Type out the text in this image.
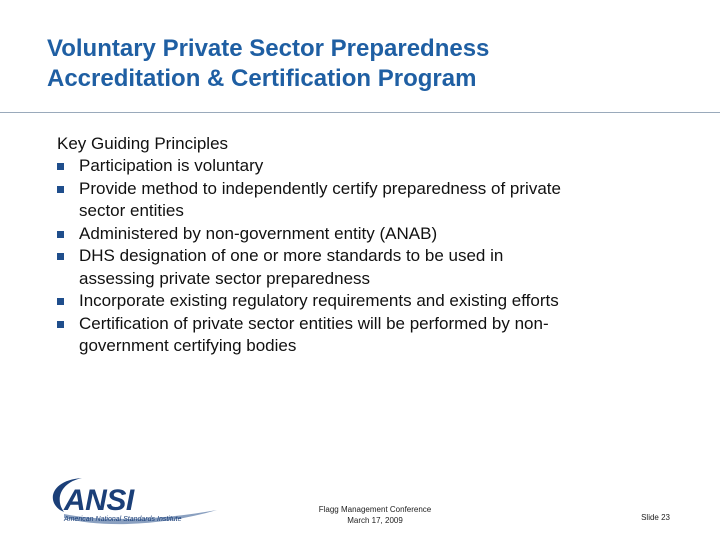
Voluntary Private Sector Preparedness
Accreditation & Certification Program
Key Guiding Principles
Participation is voluntary
Provide method to independently certify preparedness of private
sector entities
Administered by non-government entity (ANAB)
DHS designation of one or more standards to be used in
assessing private sector preparedness
Incorporate existing regulatory requirements and existing efforts
Certification of private sector entities will be performed by non-
government certifying bodies
ANSI
American National Standards Institute
Flagg Management Conference
March 17, 2009	Slide 23
